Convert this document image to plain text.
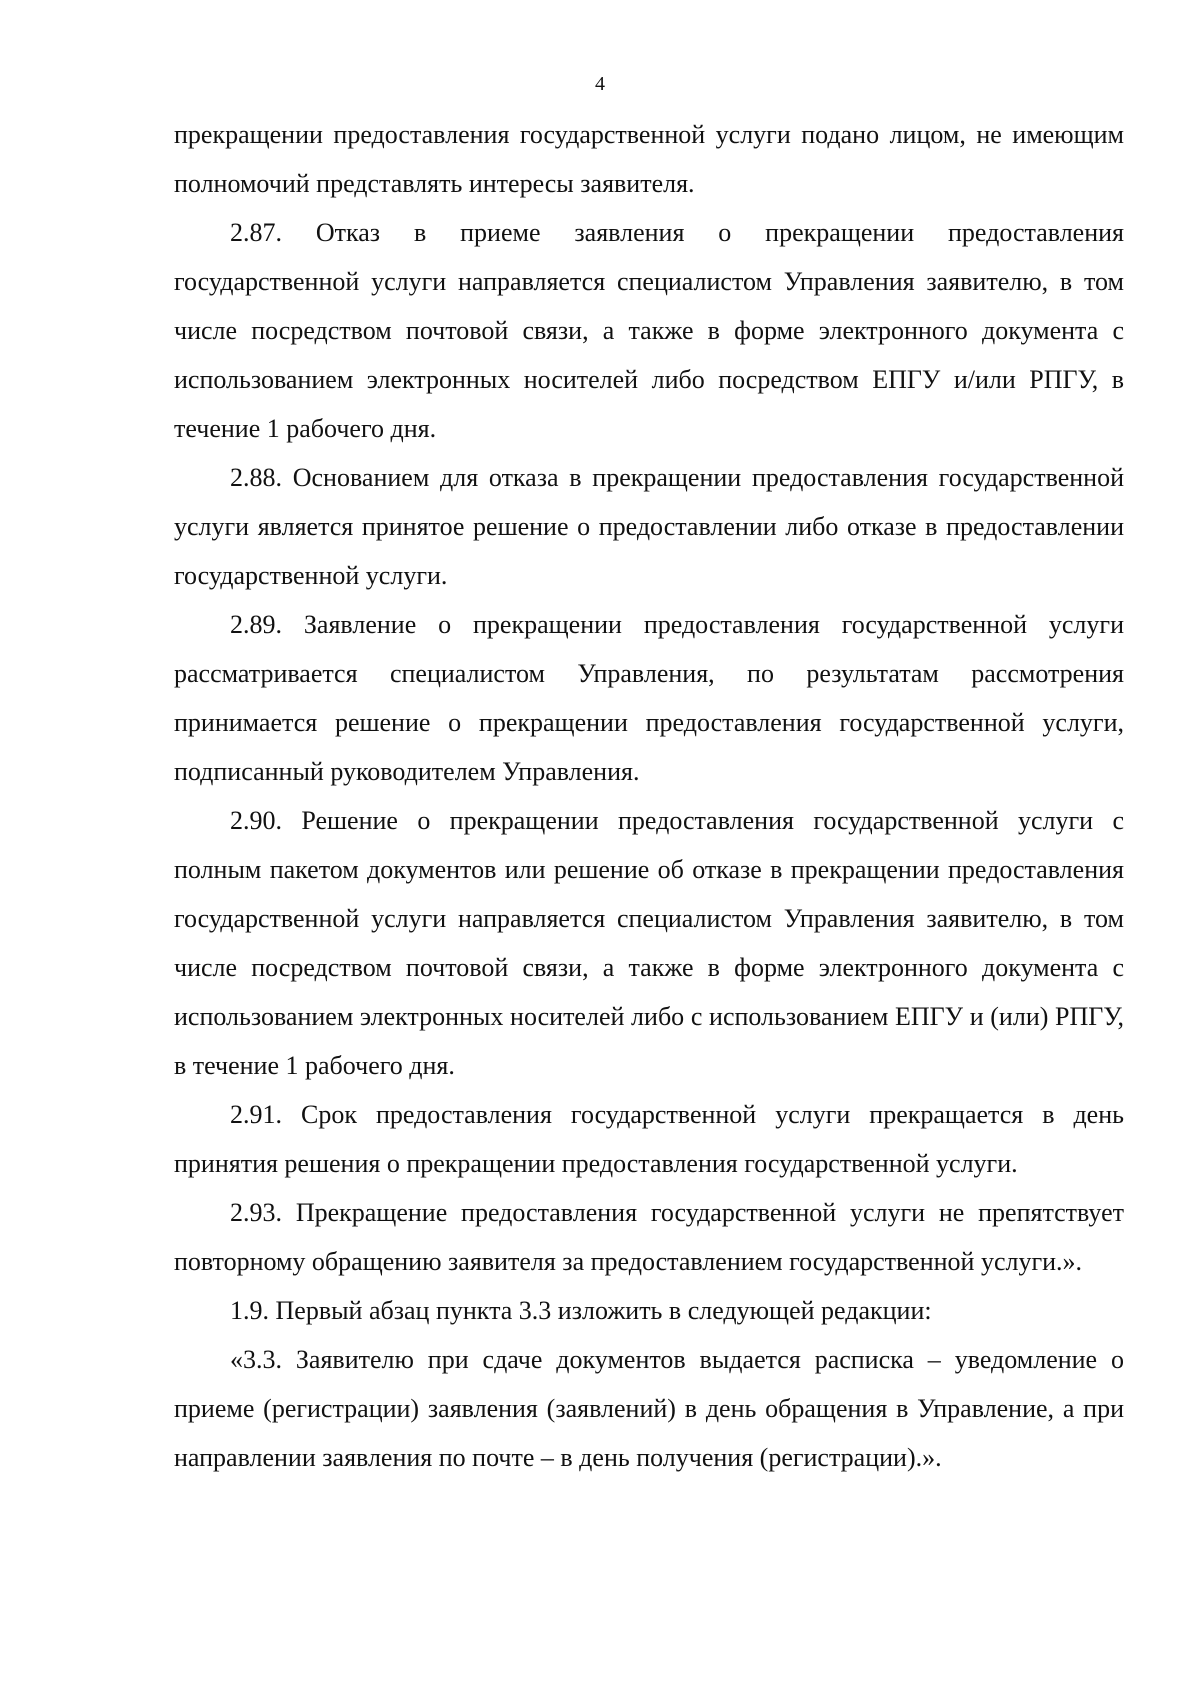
4

прекращении предоставления государственной услуги подано лицом, не имеющим полномочий представлять интересы заявителя.

2.87. Отказ в приеме заявления о прекращении предоставления государственной услуги направляется специалистом Управления заявителю, в том числе посредством почтовой связи, а также в форме электронного документа с использованием электронных носителей либо посредством ЕПГУ и/или РПГУ, в течение 1 рабочего дня.

2.88. Основанием для отказа в прекращении предоставления государственной услуги является принятое решение о предоставлении либо отказе в предоставлении государственной услуги.

2.89. Заявление о прекращении предоставления государственной услуги рассматривается специалистом Управления, по результатам рассмотрения принимается решение о прекращении предоставления государственной услуги, подписанный руководителем Управления.

2.90. Решение о прекращении предоставления государственной услуги с полным пакетом документов или решение об отказе в прекращении предоставления государственной услуги направляется специалистом Управления заявителю, в том числе посредством почтовой связи, а также в форме электронного документа с использованием электронных носителей либо с использованием ЕПГУ и (или) РПГУ, в течение 1 рабочего дня.

2.91. Срок предоставления государственной услуги прекращается в день принятия решения о прекращении предоставления государственной услуги.

2.93. Прекращение предоставления государственной услуги не препятствует повторному обращению заявителя за предоставлением государственной услуги.».

1.9. Первый абзац пункта 3.3 изложить в следующей редакции:

«3.3. Заявителю при сдаче документов выдается расписка – уведомление о приеме (регистрации) заявления (заявлений) в день обращения в Управление, а при направлении заявления по почте – в день получения (регистрации).».
